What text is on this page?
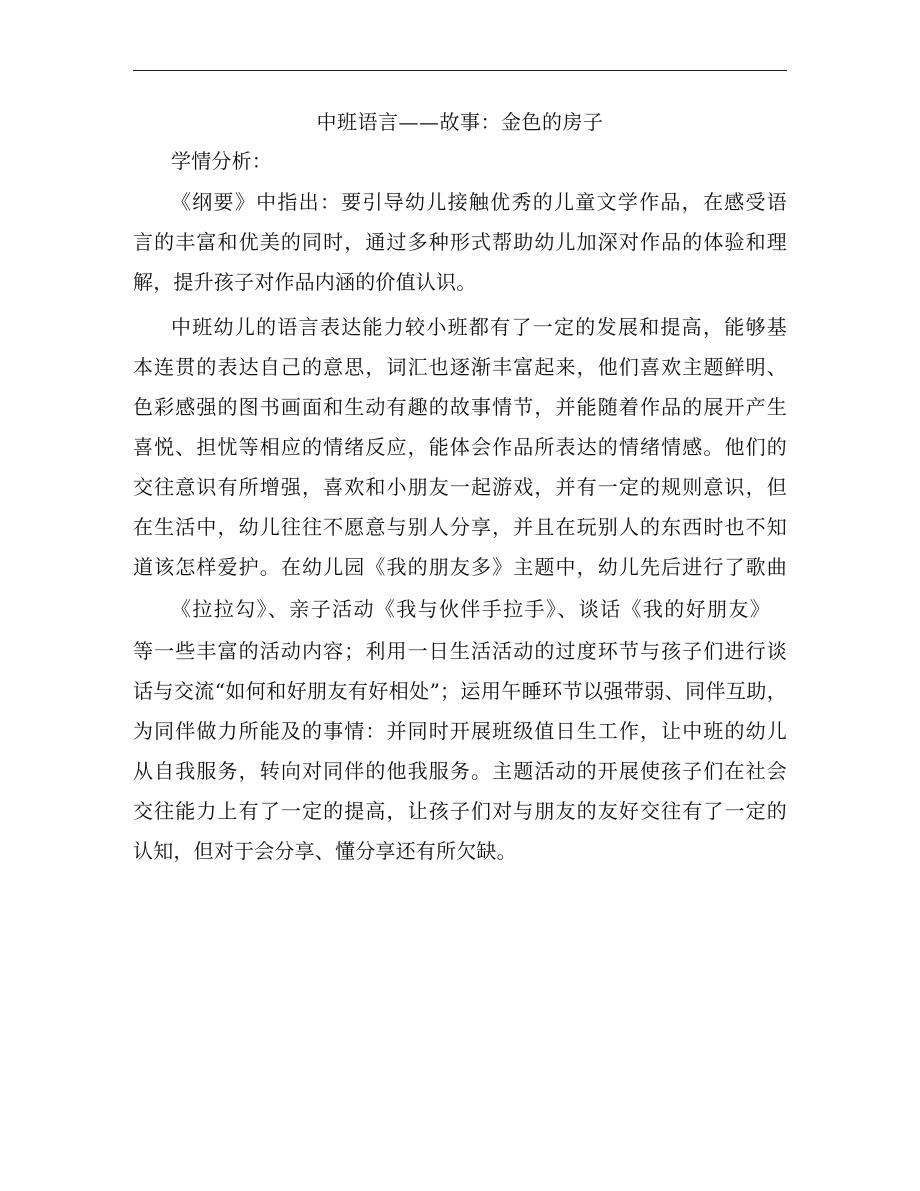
中班语言——故事：金色的房子
学情分析：
《纲要》中指出：要引导幼儿接触优秀的儿童文学作品，在感受语
言的丰富和优美的同时，通过多种形式帮助幼儿加深对作品的体验和理
解，提升孩子对作品内涵的价值认识。
中班幼儿的语言表达能力较小班都有了一定的发展和提高，能够基
本连贯的表达自己的意思，词汇也逐渐丰富起来，他们喜欢主题鲜明、
色彩感强的图书画面和生动有趣的故事情节，并能随着作品的展开产生
喜悦、担忧等相应的情绪反应，能体会作品所表达的情绪情感。他们的
交往意识有所增强，喜欢和小朋友一起游戏，并有一定的规则意识，但
在生活中，幼儿往往不愿意与别人分享，并且在玩别人的东西时也不知
道该怎样爱护。在幼儿园《我的朋友多》主题中，幼儿先后进行了歌曲
《拉拉勾》、亲子活动《我与伙伴手拉手》、谈话《我的好朋友》
等一些丰富的活动内容；利用一日生活活动的过度环节与孩子们进行谈
话与交流“如何和好朋友有好相处”；运用午睡环节以强带弱、同伴互助，
为同伴做力所能及的事情：并同时开展班级值日生工作，让中班的幼儿
从自我服务，转向对同伴的他我服务。主题活动的开展使孩子们在社会
交往能力上有了一定的提高，让孩子们对与朋友的友好交往有了一定的
认知，但对于会分享、懂分享还有所欠缺。
